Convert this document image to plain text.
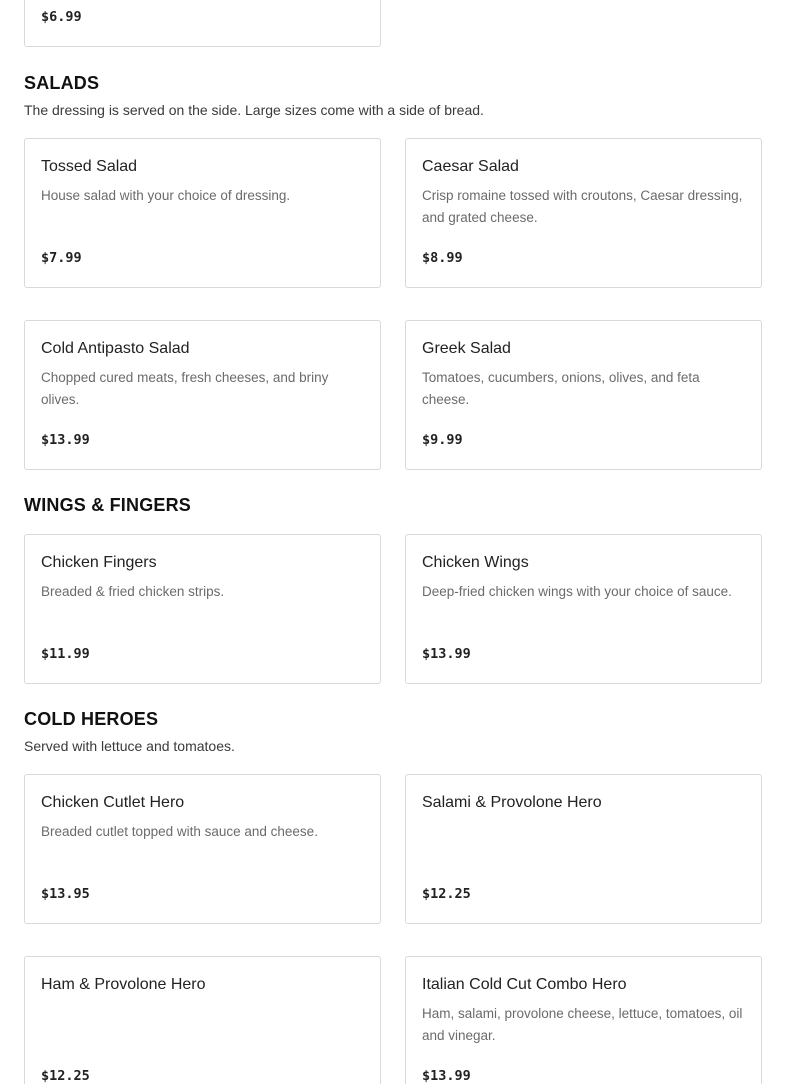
$6.99
SALADS
The dressing is served on the side. Large sizes come with a side of bread.
Tossed Salad
House salad with your choice of dressing.
$7.99
Caesar Salad
Crisp romaine tossed with croutons, Caesar dressing, and grated cheese.
$8.99
Cold Antipasto Salad
Chopped cured meats, fresh cheeses, and briny olives.
$13.99
Greek Salad
Tomatoes, cucumbers, onions, olives, and feta cheese.
$9.99
WINGS & FINGERS
Chicken Fingers
Breaded & fried chicken strips.
$11.99
Chicken Wings
Deep-fried chicken wings with your choice of sauce.
$13.99
COLD HEROES
Served with lettuce and tomatoes.
Chicken Cutlet Hero
Breaded cutlet topped with sauce and cheese.
$13.95
Salami & Provolone Hero
$12.25
Ham & Provolone Hero
$12.25
Italian Cold Cut Combo Hero
Ham, salami, provolone cheese, lettuce, tomatoes, oil and vinegar.
$13.99
